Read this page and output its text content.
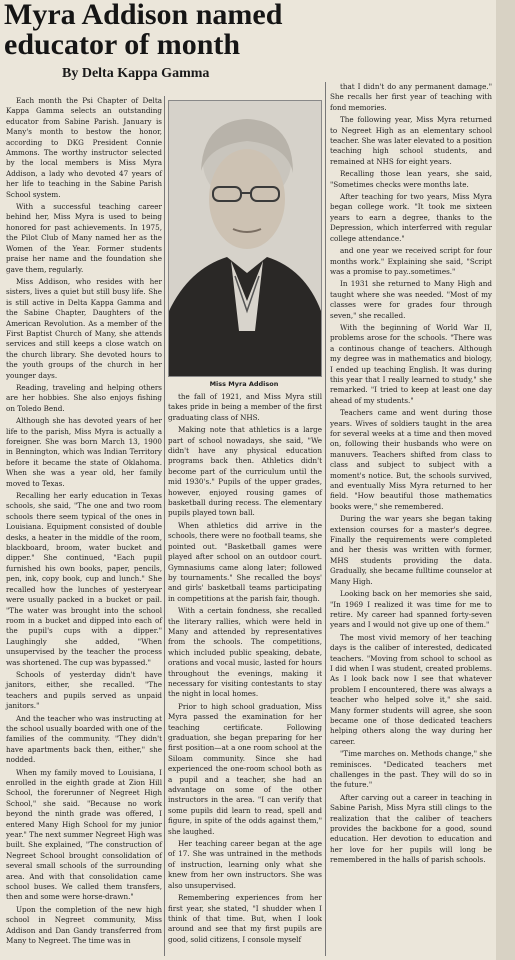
Myra Addison named educator of month
By Delta Kappa Gamma

Each month the Psi Chapter of Delta Kappa Gamma selects an outstanding educator from Sabine Parish. January is Many's month to bestow the honor, according to DKG President Connie Ammons. The worthy instructor selected by the local members is Miss Myra Addison, a lady who devoted 47 years of her life to teaching in the Sabine Parish School system.

With a successful teaching career behind her, Miss Myra is used to being honored for past achievements. In 1975, the Pilot Club of Many named her as the Women of the Year. Former students praise her name and the foundation she gave them, regularly.

Miss Addison, who resides with her sisters, lives a quiet but still busy life. She is still active in Delta Kappa Gamma and the Sabine Chapter, Daughters of the American Revolution. As a member of the First Baptist Church of Many, she attends services and still keeps a close watch on the church library. She devoted hours to the youth groups of the church in her younger days.

Reading, traveling and helping others are her hobbies. She also enjoys fishing on Toledo Bend.

Although she has devoted years of her life to the parish, Miss Myra is actually a foreigner. She was born March 13, 1900 in Bennington, which was Indian Territory before it became the state of Oklahoma. When she was a year old, her family moved to Texas.

Recalling her early education in Texas schools, she said, "The one and two room schools there seem typical of the ones in Louisiana. Equipment consisted of double desks, a heater in the middle of the room, blackboard, broom, water bucket and dipper." She continued, "Each pupil furnished his own books, paper, pencils, pen, ink, copy book, cup and lunch." She recalled how the lunches of yesteryear were usually packed in a bucket or pail. "The water was brought into the school room in a bucket and dipped into each of the pupil's cups with a dipper." Laughingly she added, "When unsupervised by the teacher the process was shortened. The cup was bypassed."

Schools of yesterday didn't have janitors, either, she recalled. "The teachers and pupils served as unpaid janitors."

And the teacher who was instructing at the school usually boarded with one of the families of the community. "They didn't have apartments back then, either," she nodded.

When my family moved to Louisiana, I enrolled in the eighth grade at Zion Hill School, the forerunner of Negreet High School," she said. "Because no work beyond the ninth grade was offered, I entered Many High School for my junior year." The next summer Negreet High was built. She explained, "The construction of Negreet School brought consolidation of several small schools of the surrounding area. And with that consolidation came school buses. We called them transfers, then and some were horse-drawn."

Upon the completion of the new high school in Negreet community, Miss Addison and Dan Gandy transferred from Many to Negreet. The time was in

Miss Myra Addison

the fall of 1921, and Miss Myra still takes pride in being a member of the first graduating class of NHS.

Making note that athletics is a large part of school nowadays, she said, "We didn't have any physical education programs back then. Athletics didn't become part of the curriculum until the mid 1930's." Pupils of the upper grades, however, enjoyed rousing games of basketball during recess. The elementary pupils played town ball.

When athletics did arrive in the schools, there were no football teams, she pointed out. "Basketball games were played after school on an outdoor court. Gymnasiums came along later; followed by tournaments." She recalled the boys' and girls' basketball teams participating in competitions at the parish fair, though.

With a certain fondness, she recalled the literary rallies, which were held in Many and attended by representatives from the schools. The competitions, which included public speaking, debate, orations and vocal music, lasted for hours throughout the evenings, making it necessary for visiting contestants to stay the night in local homes.

Prior to high school graduation, Miss Myra passed the examination for her teaching certificate. Following graduation, she began preparing for her first position—at a one room school at the Siloam community. Since she had experienced the one-room school both as a pupil and a teacher, she had an advantage on some of the other instructors in the area. "I can verify that some pupils did learn to read, spell and figure, in spite of the odds against them," she laughed.

Her teaching career began at the age of 17. She was untrained in the methods of instruction, learning only what she knew from her own instructors. She was also unsupervised.

Remembering experiences from her first year, she stated, "I shudder when I think of that time. But, when I look around and see that my first pupils are good, solid citizens, I console myself

that I didn't do any permanent damage." She recalls her first year of teaching with fond memories.

The following year, Miss Myra returned to Negreet High as an elementary school teacher. She was later elevated to a position teaching high school students, and remained at NHS for eight years.

Recalling those lean years, she said, "Sometimes checks were months late.

After teaching for two years, Miss Myra began college work. "It took me sixteen years to earn a degree, thanks to the Depression, which interferred with regular college attendance."

and one year we received script for four months work." Explaining she said, "Script was a promise to pay..sometimes."

In 1931 she returned to Many High and taught where she was needed. "Most of my classes were for grades four through seven," she recalled.

With the beginning of World War II, problems arose for the schools. "There was a continous change of teachers. Although my degree was in mathematics and biology, I ended up teaching English. It was during this year that I really learned to study," she remarked. "I tried to keep at least one day ahead of my students."

Teachers came and went during those years. Wives of soldiers taught in the area for several weeks at a time and then moved on, following their husbands who were on manuvers. Teachers shifted from class to class and subject to subject with a moment's notice. But, the schools survived, and eventually Miss Myra returned to her field. "How beautiful those mathematics books were," she remembered.

During the war years she began taking extension courses for a master's degree. Finally the requirements were completed and her thesis was written with former, MHS students providing the data. Gradually, she became fulltime counselor at Many High.

Looking back on her memories she said, "In 1969 I realized it was time for me to retire. My career had spanned forty-seven years and I would not give up one of them."

The most vivid memory of her teaching days is the caliber of interested, dedicated teachers. "Moving from school to school as I did when I was student, created problems. As I look back now I see that whatever problem I encountered, there was always a teacher who helped solve it," she said. Many former students will agree, she soon became one of those dedicated teachers helping others along the way during her career.

"Time marches on. Methods change," she reminisces. "Dedicated teachers met challenges in the past. They will do so in the future."

After carving out a career in teaching in Sabine Parish, Miss Myra still clings to the realization that the caliber of teachers provides the backbone for a good, sound education. Her devotion to education and her love for her pupils will long be remembered in the halls of parish schools.
